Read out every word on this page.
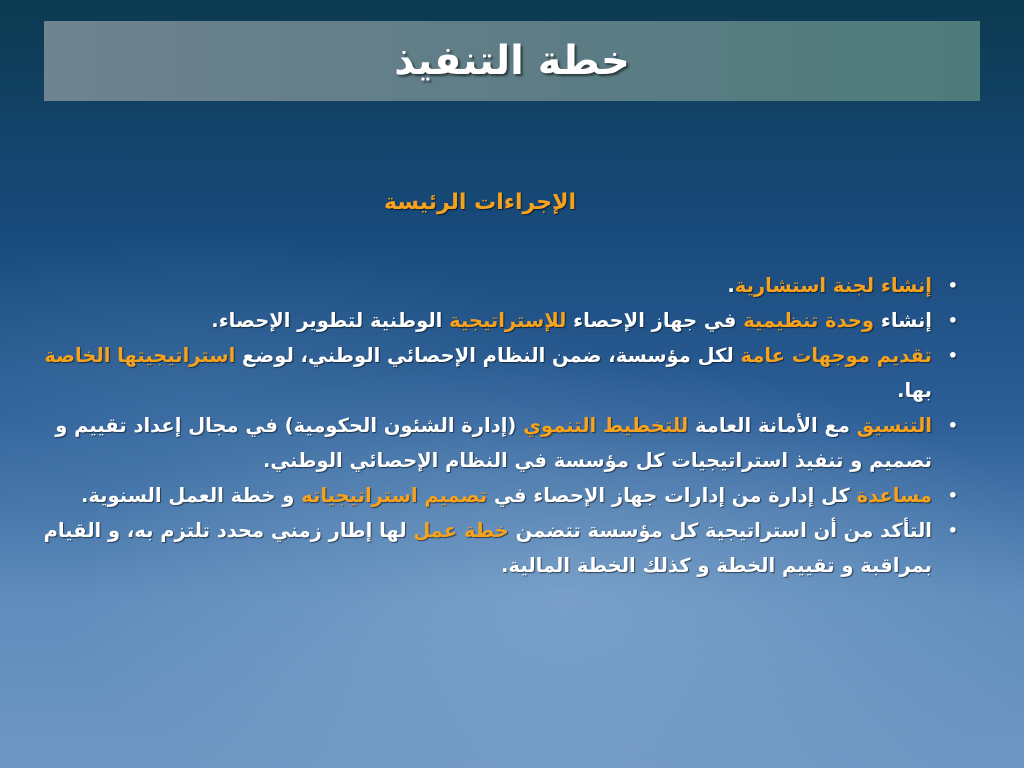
خطة التنفيذ
الإجراءات الرئيسة
•
إنشاء لجنة استشارية.
•
إنشاء وحدة تنظيمية في جهاز الإحصاء للإستراتيجية الوطنية لتطوير الإحصاء.
•
تقديم موجهات عامة لكل مؤسسة، ضمن النظام الإحصائي الوطني، لوضع استراتيجيتها الخاصة بها.
•
التنسيق مع الأمانة العامة للتخطيط التنموي (إدارة الشئون الحكومية) في مجال إعداد تقييم و تصميم و تنفيذ استراتيجيات كل مؤسسة في النظام الإحصائي الوطني.
•
مساعدة كل إدارة من إدارات جهاز الإحصاء في تصميم استراتيجياته و خطة العمل السنوية.
•
التأكد من أن استراتيجية كل مؤسسة تتضمن خطة عمل لها إطار زمني محدد تلتزم به، و القيام بمراقبة و تقييم الخطة و كذلك الخطة المالية.
